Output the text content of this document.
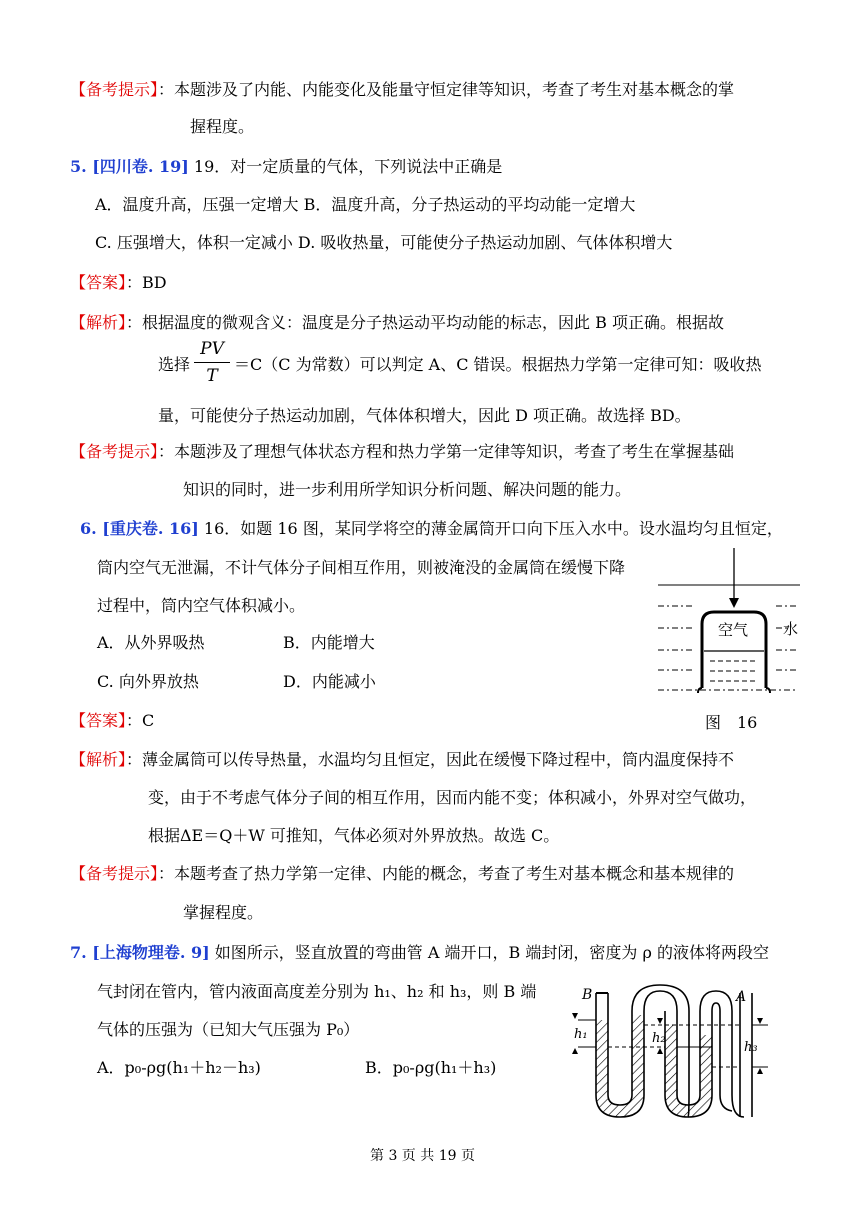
【备考提示】：本题涉及了内能、内能变化及能量守恒定律等知识，考查了考生对基本概念的掌
握程度。
5. [四川卷. 19] 19．对一定质量的气体，下列说法中正确是
A．温度升高，压强一定增大 B．温度升高，分子热运动的平均动能一定增大
C. 压强增大，体积一定减小 D. 吸收热量，可能使分子热运动加剧、气体体积增大
【答案】：BD
【解析】：根据温度的微观含义：温度是分子热运动平均动能的标志，因此 B 项正确。根据故
选择
PV
T
＝C（C 为常数）可以判定 A、C 错误。根据热力学第一定律可知：吸收热
量，可能使分子热运动加剧，气体体积增大，因此 D 项正确。故选择 BD。
【备考提示】：本题涉及了理想气体状态方程和热力学第一定律等知识，考查了考生在掌握基础
知识的同时，进一步利用所学知识分析问题、解决问题的能力。
6. [重庆卷. 16] 16．如题 16 图，某同学将空的薄金属筒开口向下压入水中。设水温均匀且恒定，
筒内空气无泄漏，不计气体分子间相互作用，则被淹没的金属筒在缓慢下降
过程中，筒内空气体积减小。
A．从外界吸热	B．内能增大
C. 向外界放热	D．内能减小
【答案】：C
空气 水
图　16
【解析】：薄金属筒可以传导热量，水温均匀且恒定，因此在缓慢下降过程中，筒内温度保持不
变，由于不考虑气体分子间的相互作用，因而内能不变；体积减小，外界对空气做功，
根据ΔE＝Q＋W 可推知，气体必须对外界放热。故选 C。
【备考提示】：本题考查了热力学第一定律、内能的概念，考查了考生对基本概念和基本规律的
掌握程度。
7. [上海物理卷. 9] 如图所示，竖直放置的弯曲管 A 端开口，B 端封闭，密度为 ρ 的液体将两段空
气封闭在管内，管内液面高度差分别为 h₁、h₂ 和 h₃，则 B 端
气体的压强为（已知大气压强为 P₀）
A．p₀-ρg(h₁＋h₂－h₃)	B．p₀-ρg(h₁＋h₃)
B	A
h₁	h₂
h₃
第 3 页 共 19 页
